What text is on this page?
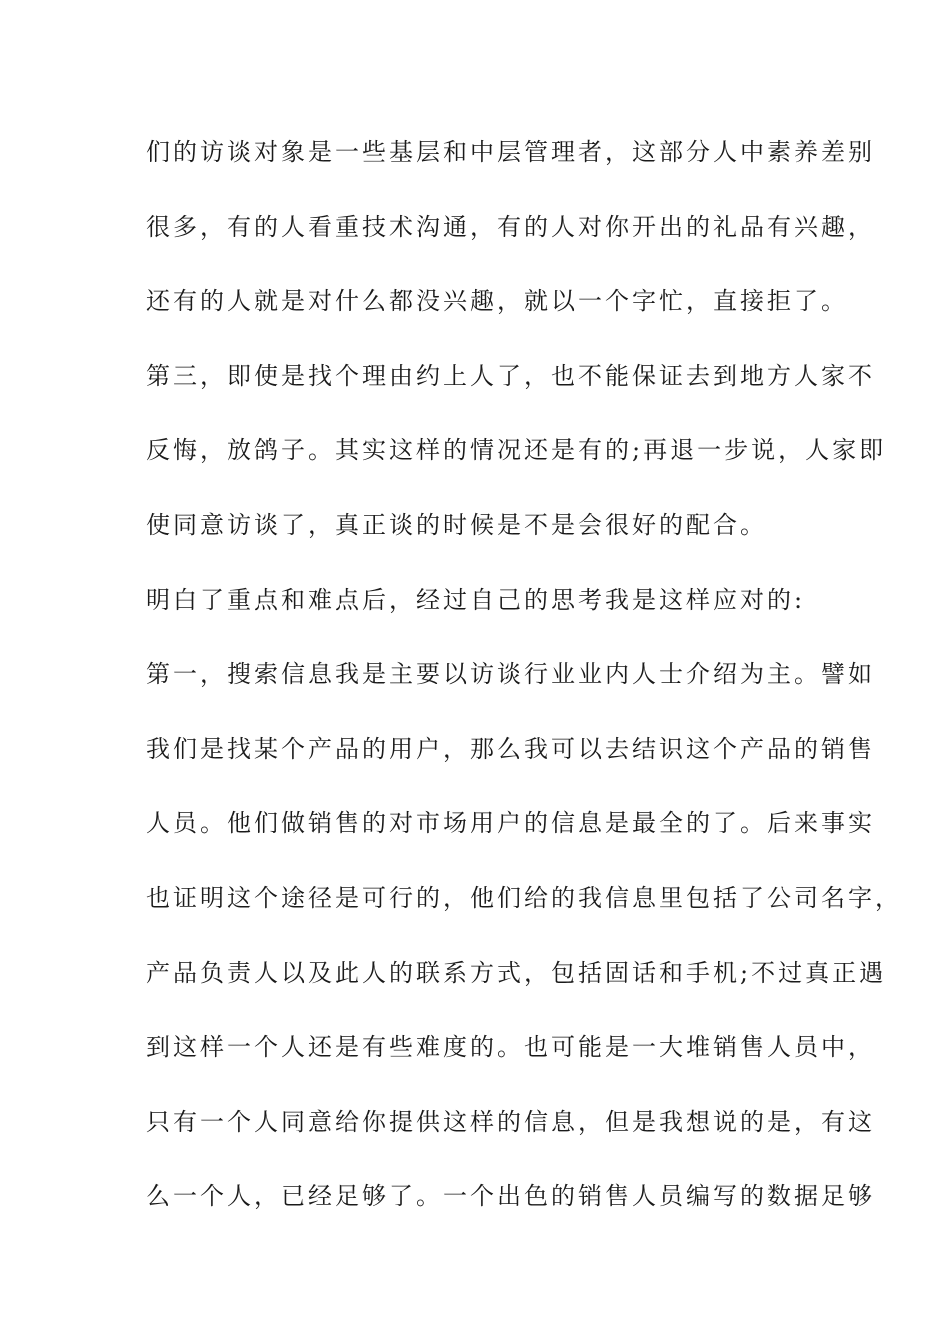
们的访谈对象是一些基层和中层管理者，这部分人中素养差别
很多，有的人看重技术沟通，有的人对你开出的礼品有兴趣，
还有的人就是对什么都没兴趣，就以一个字忙，直接拒了。
第三，即使是找个理由约上人了，也不能保证去到地方人家不
反悔，放鸽子。其实这样的情况还是有的;再退一步说，人家即
使同意访谈了，真正谈的时候是不是会很好的配合。
明白了重点和难点后，经过自己的思考我是这样应对的:
第一，搜索信息我是主要以访谈行业业内人士介绍为主。譬如
我们是找某个产品的用户，那么我可以去结识这个产品的销售
人员。他们做销售的对市场用户的信息是最全的了。后来事实
也证明这个途径是可行的，他们给的我信息里包括了公司名字，
产品负责人以及此人的联系方式，包括固话和手机;不过真正遇
到这样一个人还是有些难度的。也可能是一大堆销售人员中，
只有一个人同意给你提供这样的信息，但是我想说的是，有这
么一个人，已经足够了。一个出色的销售人员编写的数据足够
